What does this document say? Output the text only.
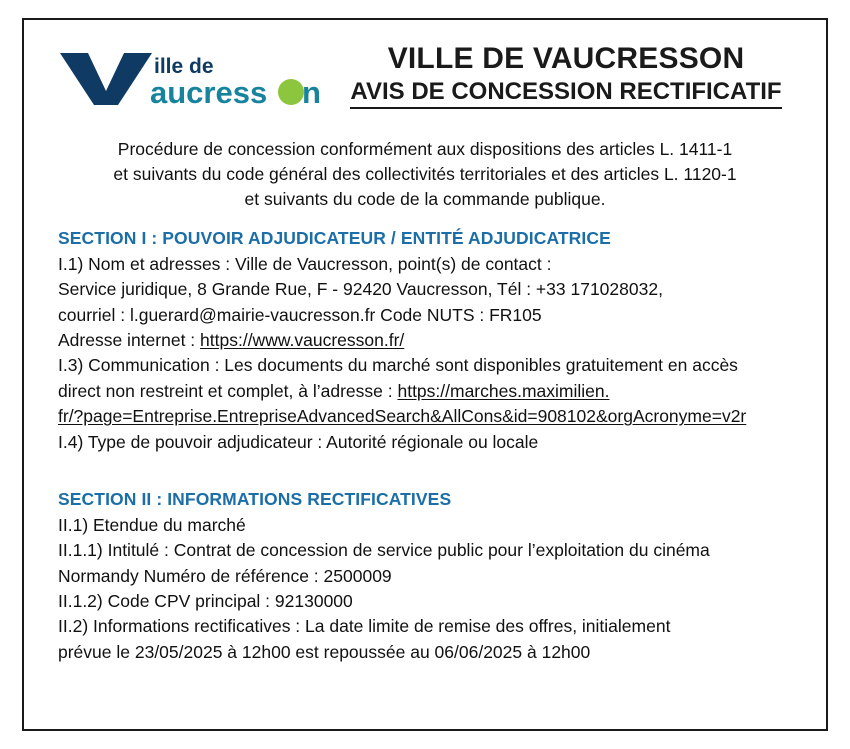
ille de
aucress n
VILLE DE VAUCRESSON
AVIS DE CONCESSION RECTIFICATIF
Procédure de concession conformément aux dispositions des articles L. 1411-1
et suivants du code général des collectivités territoriales et des articles L. 1120-1
et suivants du code de la commande publique.
SECTION I : POUVOIR ADJUDICATEUR / ENTITÉ ADJUDICATRICE
I.1) Nom et adresses : Ville de Vaucresson, point(s) de contact :
Service juridique, 8 Grande Rue, F - 92420 Vaucresson, Tél : +33 171028032,
courriel : l.guerard@mairie-vaucresson.fr Code NUTS : FR105
Adresse internet : https://www.vaucresson.fr/
I.3) Communication : Les documents du marché sont disponibles gratuitement en accès
direct non restreint et complet, à l’adresse : https://marches.maximilien.
fr/?page=Entreprise.EntrepriseAdvancedSearch&AllCons&id=908102&orgAcronyme=v2r
I.4) Type de pouvoir adjudicateur : Autorité régionale ou locale
SECTION II : INFORMATIONS RECTIFICATIVES
II.1) Etendue du marché
II.1.1) Intitulé : Contrat de concession de service public pour l’exploitation du cinéma
Normandy Numéro de référence : 2500009
II.1.2) Code CPV principal : 92130000
II.2) Informations rectificatives : La date limite de remise des offres, initialement
prévue le 23/05/2025 à 12h00 est repoussée au 06/06/2025 à 12h00
